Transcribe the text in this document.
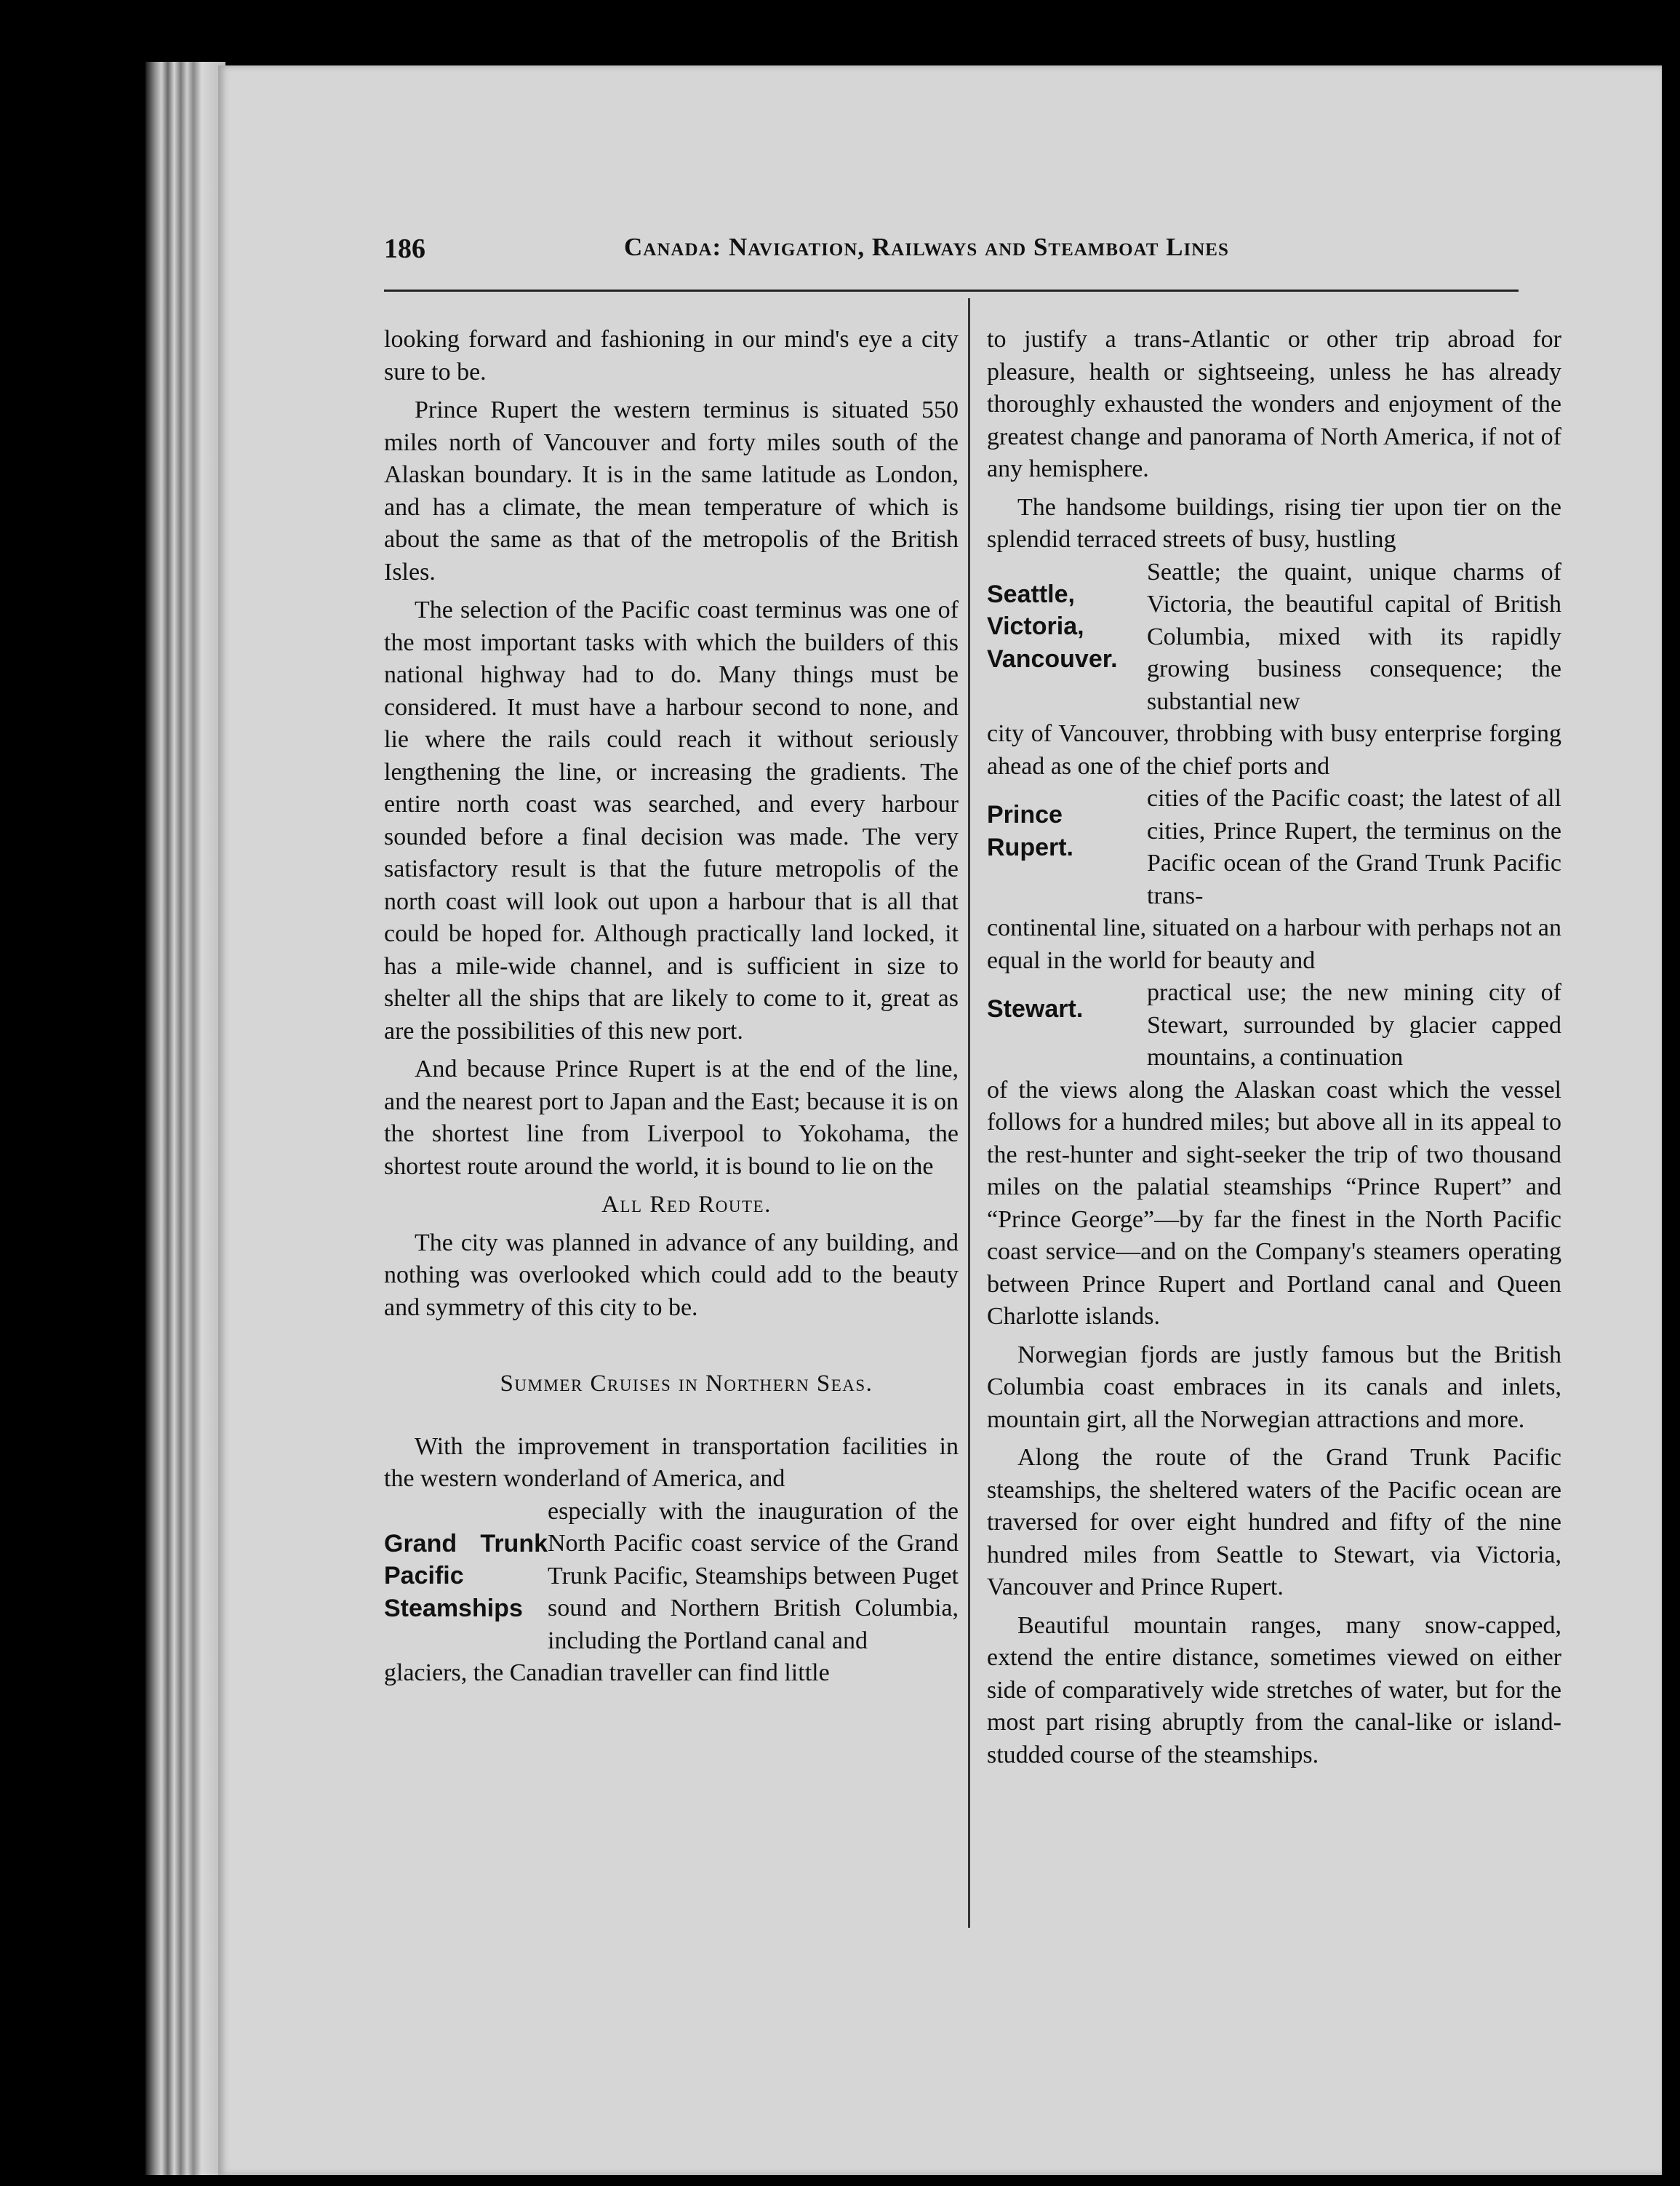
186	Canada: Navigation, Railways and Steamboat Lines

looking forward and fashioning in our mind's eye a city sure to be.

Prince Rupert the western terminus is situated 550 miles north of Vancouver and forty miles south of the Alaskan boundary. It is in the same latitude as London, and has a climate, the mean temperature of which is about the same as that of the metropolis of the British Isles.

The selection of the Pacific coast terminus was one of the most important tasks with which the builders of this national highway had to do. Many things must be considered. It must have a harbour second to none, and lie where the rails could reach it without seriously lengthening the line, or increasing the gradients. The entire north coast was searched, and every harbour sounded before a final decision was made. The very satisfactory result is that the future metropolis of the north coast will look out upon a harbour that is all that could be hoped for. Although practically land locked, it has a mile-wide channel, and is sufficient in size to shelter all the ships that are likely to come to it, great as are the possibilities of this new port.

And because Prince Rupert is at the end of the line, and the nearest port to Japan and the East; because it is on the shortest line from Liverpool to Yokohama, the shortest route around the world, it is bound to lie on the

All Red Route.

The city was planned in advance of any building, and nothing was overlooked which could add to the beauty and symmetry of this city to be.

Summer Cruises in Northern Seas.

With the improvement in transportation facilities in the western wonderland of America, and

Grand Trunk Pacific Steamships
especially with the inauguration of the North Pacific coast service of the Grand Trunk Pacific, Steamships between Puget sound and Northern British Columbia, including the Portland canal and

glaciers, the Canadian traveller can find little

to justify a trans-Atlantic or other trip abroad for pleasure, health or sightseeing, unless he has already thoroughly exhausted the wonders and enjoyment of the greatest change and panorama of North America, if not of any hemisphere.

The handsome buildings, rising tier upon tier on the splendid terraced streets of busy, hustling

Seattle, Victoria, Vancouver.
Seattle; the quaint, unique charms of Victoria, the beautiful capital of British Columbia, mixed with its rapidly growing business consequence; the substantial new

city of Vancouver, throbbing with busy enterprise forging ahead as one of the chief ports and

Prince Rupert.
cities of the Pacific coast; the latest of all cities, Prince Rupert, the terminus on the Pacific ocean of the Grand Trunk Pacific trans-

continental line, situated on a harbour with perhaps not an equal in the world for beauty and

Stewart.
practical use; the new mining city of Stewart, surrounded by glacier capped mountains, a continuation

of the views along the Alaskan coast which the vessel follows for a hundred miles; but above all in its appeal to the rest-hunter and sight-seeker the trip of two thousand miles on the palatial steamships “Prince Rupert” and “Prince George”—by far the finest in the North Pacific coast service—and on the Company's steamers operating between Prince Rupert and Portland canal and Queen Charlotte islands.

Norwegian fjords are justly famous but the British Columbia coast embraces in its canals and inlets, mountain girt, all the Norwegian attractions and more.

Along the route of the Grand Trunk Pacific steamships, the sheltered waters of the Pacific ocean are traversed for over eight hundred and fifty of the nine hundred miles from Seattle to Stewart, via Victoria, Vancouver and Prince Rupert.

Beautiful mountain ranges, many snow-capped, extend the entire distance, sometimes viewed on either side of comparatively wide stretches of water, but for the most part rising abruptly from the canal-like or island-studded course of the steamships.
